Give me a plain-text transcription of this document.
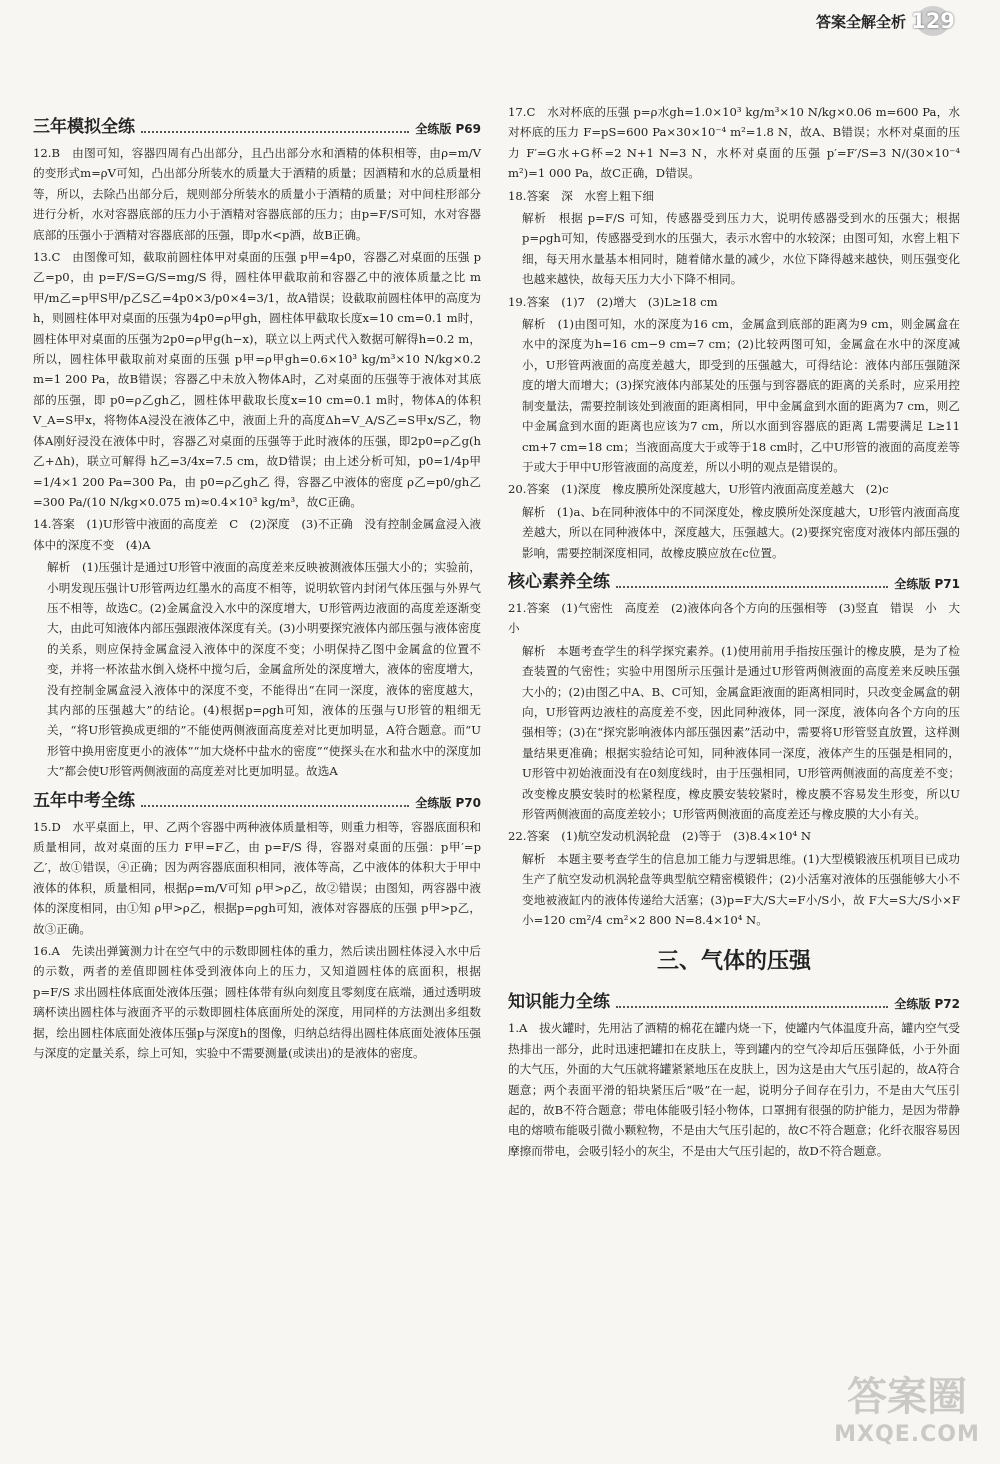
答案全解全析 129
三年模拟全练	全练版 P69

12.B　由图可知，容器四周有凸出部分，且凸出部分水和酒精的体积相等，由ρ=m/V的变形式m=ρV可知，凸出部分所装水的质量大于酒精的质量；因酒精和水的总质量相等，所以，去除凸出部分后，规则部分所装水的质量小于酒精的质量；对中间柱形部分进行分析，水对容器底部的压力小于酒精对容器底部的压力；由p=F/S可知，水对容器底部的压强小于酒精对容器底部的压强，即p水<p酒，故B正确。

13.C　由图像可知，截取前圆柱体甲对桌面的压强 p甲=4p0，容器乙对桌面的压强 p乙=p0，由 p=F/S=G/S=mg/S 得，圆柱体甲截取前和容器乙中的液体质量之比 m甲/m乙=p甲S甲/p乙S乙=4p0×3/p0×4=3/1，故A错误；设截取前圆柱体甲的高度为h，则圆柱体甲对桌面的压强为4p0=ρ甲gh，圆柱体甲截取长度x=10 cm=0.1 m时，圆柱体甲对桌面的压强为2p0=ρ甲g(h−x)，联立以上两式代入数据可解得h=0.2 m，所以，圆柱体甲截取前对桌面的压强 p甲=ρ甲gh=0.6×10³ kg/m³×10 N/kg×0.2 m=1 200 Pa，故B错误；容器乙中未放入物体A时，乙对桌面的压强等于液体对其底部的压强，即 p0=ρ乙gh乙，圆柱体甲截取长度x=10 cm=0.1 m时，物体A的体积V_A=S甲x，将物体A浸没在液体乙中，液面上升的高度Δh=V_A/S乙=S甲x/S乙，物体A刚好浸没在液体中时，容器乙对桌面的压强等于此时液体的压强，即2p0=ρ乙g(h乙+Δh)，联立可解得 h乙=3/4x=7.5 cm，故D错误；由上述分析可知，p0=1/4p甲=1/4×1 200 Pa=300 Pa，由 p0=ρ乙gh乙 得，容器乙中液体的密度 ρ乙=p0/gh乙=300 Pa/(10 N/kg×0.075 m)≈0.4×10³ kg/m³，故C正确。

14.答案　(1)U形管中液面的高度差　C　(2)深度　(3)不正确　没有控制金属盒浸入液体中的深度不变　(4)A

解析　(1)压强计是通过U形管中液面的高度差来反映被测液体压强大小的；实验前，小明发现压强计U形管两边红墨水的高度不相等，说明软管内封闭气体压强与外界气压不相等，故选C。(2)金属盒没入水中的深度增大，U形管两边液面的高度差逐渐变大，由此可知液体内部压强跟液体深度有关。(3)小明要探究液体内部压强与液体密度的关系，则应保持金属盒浸入液体中的深度不变；小明保持乙图中金属盒的位置不变，并将一杯浓盐水倒入烧杯中搅匀后，金属盒所处的深度增大，液体的密度增大，没有控制金属盒浸入液体中的深度不变，不能得出“在同一深度，液体的密度越大，其内部的压强越大”的结论。(4)根据p=ρgh可知，液体的压强与U形管的粗细无关，“将U形管换成更细的”不能使两侧液面高度差对比更加明显，A符合题意。而“U形管中换用密度更小的液体”“加大烧杯中盐水的密度”“使探头在水和盐水中的深度加大”都会使U形管两侧液面的高度差对比更加明显。故选A

五年中考全练	全练版 P70

15.D　水平桌面上，甲、乙两个容器中两种液体质量相等，则重力相等，容器底面积和质量相同，故对桌面的压力 F甲=F乙，由 p=F/S 得，容器对桌面的压强：p甲′=p乙′，故①错误，④正确；因为两容器底面积相同，液体等高，乙中液体的体积大于甲中液体的体积，质量相同，根据ρ=m/V可知 ρ甲>ρ乙，故②错误；由图知，两容器中液体的深度相同，由①知 ρ甲>ρ乙，根据p=ρgh可知，液体对容器底的压强 p甲>p乙，故③正确。

16.A　先读出弹簧测力计在空气中的示数即圆柱体的重力，然后读出圆柱体浸入水中后的示数，两者的差值即圆柱体受到液体向上的压力，又知道圆柱体的底面积，根据 p=F/S 求出圆柱体底面处液体压强；圆柱体带有纵向刻度且零刻度在底端，通过透明玻璃杯读出圆柱体与液面齐平的示数即圆柱体底面所处的深度，用同样的方法测出多组数据，绘出圆柱体底面处液体压强p与深度h的图像，归纳总结得出圆柱体底面处液体压强与深度的定量关系，综上可知，实验中不需要测量(或读出)的是液体的密度。

17.C　水对杯底的压强 p=ρ水gh=1.0×10³ kg/m³×10 N/kg×0.06 m=600 Pa，水对杯底的压力 F=pS=600 Pa×30×10⁻⁴ m²=1.8 N，故A、B错误；水杯对桌面的压力 F′=G水+G杯=2 N+1 N=3 N，水杯对桌面的压强 p′=F′/S=3 N/(30×10⁻⁴ m²)=1 000 Pa，故C正确，D错误。

18.答案　深　水窖上粗下细

解析　根据 p=F/S 可知，传感器受到压力大，说明传感器受到水的压强大；根据p=ρgh可知，传感器受到水的压强大，表示水窖中的水较深；由图可知，水窖上粗下细，每天用水量基本相同时，随着储水量的减少，水位下降得越来越快，则压强变化也越来越快，故每天压力大小下降不相同。

19.答案　(1)7　(2)增大　(3)L≥18 cm

解析　(1)由图可知，水的深度为16 cm，金属盒到底部的距离为9 cm，则金属盒在水中的深度为h=16 cm−9 cm=7 cm；(2)比较两图可知，金属盒在水中的深度减小，U形管两液面的高度差越大，即受到的压强越大，可得结论：液体内部压强随深度的增大而增大；(3)探究液体内部某处的压强与到容器底的距离的关系时，应采用控制变量法，需要控制该处到液面的距离相同，甲中金属盒到水面的距离为7 cm，则乙中金属盒到水面的距离也应该为7 cm，所以水面到容器底的距离 L需要满足 L≥11 cm+7 cm=18 cm；当液面高度大于或等于18 cm时，乙中U形管的液面的高度差等于或大于甲中U形管液面的高度差，所以小明的观点是错误的。

20.答案　(1)深度　橡皮膜所处深度越大，U形管内液面高度差越大　(2)c

解析　(1)a、b在同种液体中的不同深度处，橡皮膜所处深度越大，U形管内液面高度差越大，所以在同种液体中，深度越大，压强越大。(2)要探究密度对液体内部压强的影响，需要控制深度相同，故橡皮膜应放在c位置。

核心素养全练	全练版 P71

21.答案　(1)气密性　高度差　(2)液体向各个方向的压强相等　(3)竖直　错误　小　大小

解析　本题考查学生的科学探究素养。(1)使用前用手指按压强计的橡皮膜，是为了检查装置的气密性；实验中用图所示压强计是通过U形管两侧液面的高度差来反映压强大小的；(2)由图乙中A、B、C可知，金属盒距液面的距离相同时，只改变金属盒的朝向，U形管两边液柱的高度差不变，因此同种液体，同一深度，液体向各个方向的压强相等；(3)在“探究影响液体内部压强因素”活动中，需要将U形管竖直放置，这样测量结果更准确；根据实验结论可知，同种液体同一深度，液体产生的压强是相同的，U形管中初始液面没有在0刻度线时，由于压强相同，U形管两侧液面的高度差不变；改变橡皮膜安装时的松紧程度，橡皮膜安装较紧时，橡皮膜不容易发生形变，所以U形管两侧液面的高度差较小；U形管两侧液面的高度差还与橡皮膜的大小有关。

22.答案　(1)航空发动机涡轮盘　(2)等于　(3)8.4×10⁴ N

解析　本题主要考查学生的信息加工能力与逻辑思维。(1)大型模锻液压机项目已成功生产了航空发动机涡轮盘等典型航空精密模锻件；(2)小活塞对液体的压强能够大小不变地被液缸内的液体传递给大活塞；(3)p=F大/S大=F小/S小，故 F大=S大/S小×F小=120 cm²/4 cm²×2 800 N=8.4×10⁴ N。

三、气体的压强
知识能力全练	全练版 P72

1.A　拔火罐时，先用沾了酒精的棉花在罐内烧一下，使罐内气体温度升高，罐内空气受热排出一部分，此时迅速把罐扣在皮肤上，等到罐内的空气冷却后压强降低，小于外面的大气压，外面的大气压就将罐紧紧地压在皮肤上，因为这是由大气压引起的，故A符合题意；两个表面平滑的铅块紧压后“吸”在一起，说明分子间存在引力，不是由大气压引起的，故B不符合题意；带电体能吸引轻小物体，口罩拥有很强的防护能力，是因为带静电的熔喷布能吸引微小颗粒物，不是由大气压引起的，故C不符合题意；化纤衣服容易因摩擦而带电，会吸引轻小的灰尘，不是由大气压引起的，故D不符合题意。

答案圈
MXQE.COM
